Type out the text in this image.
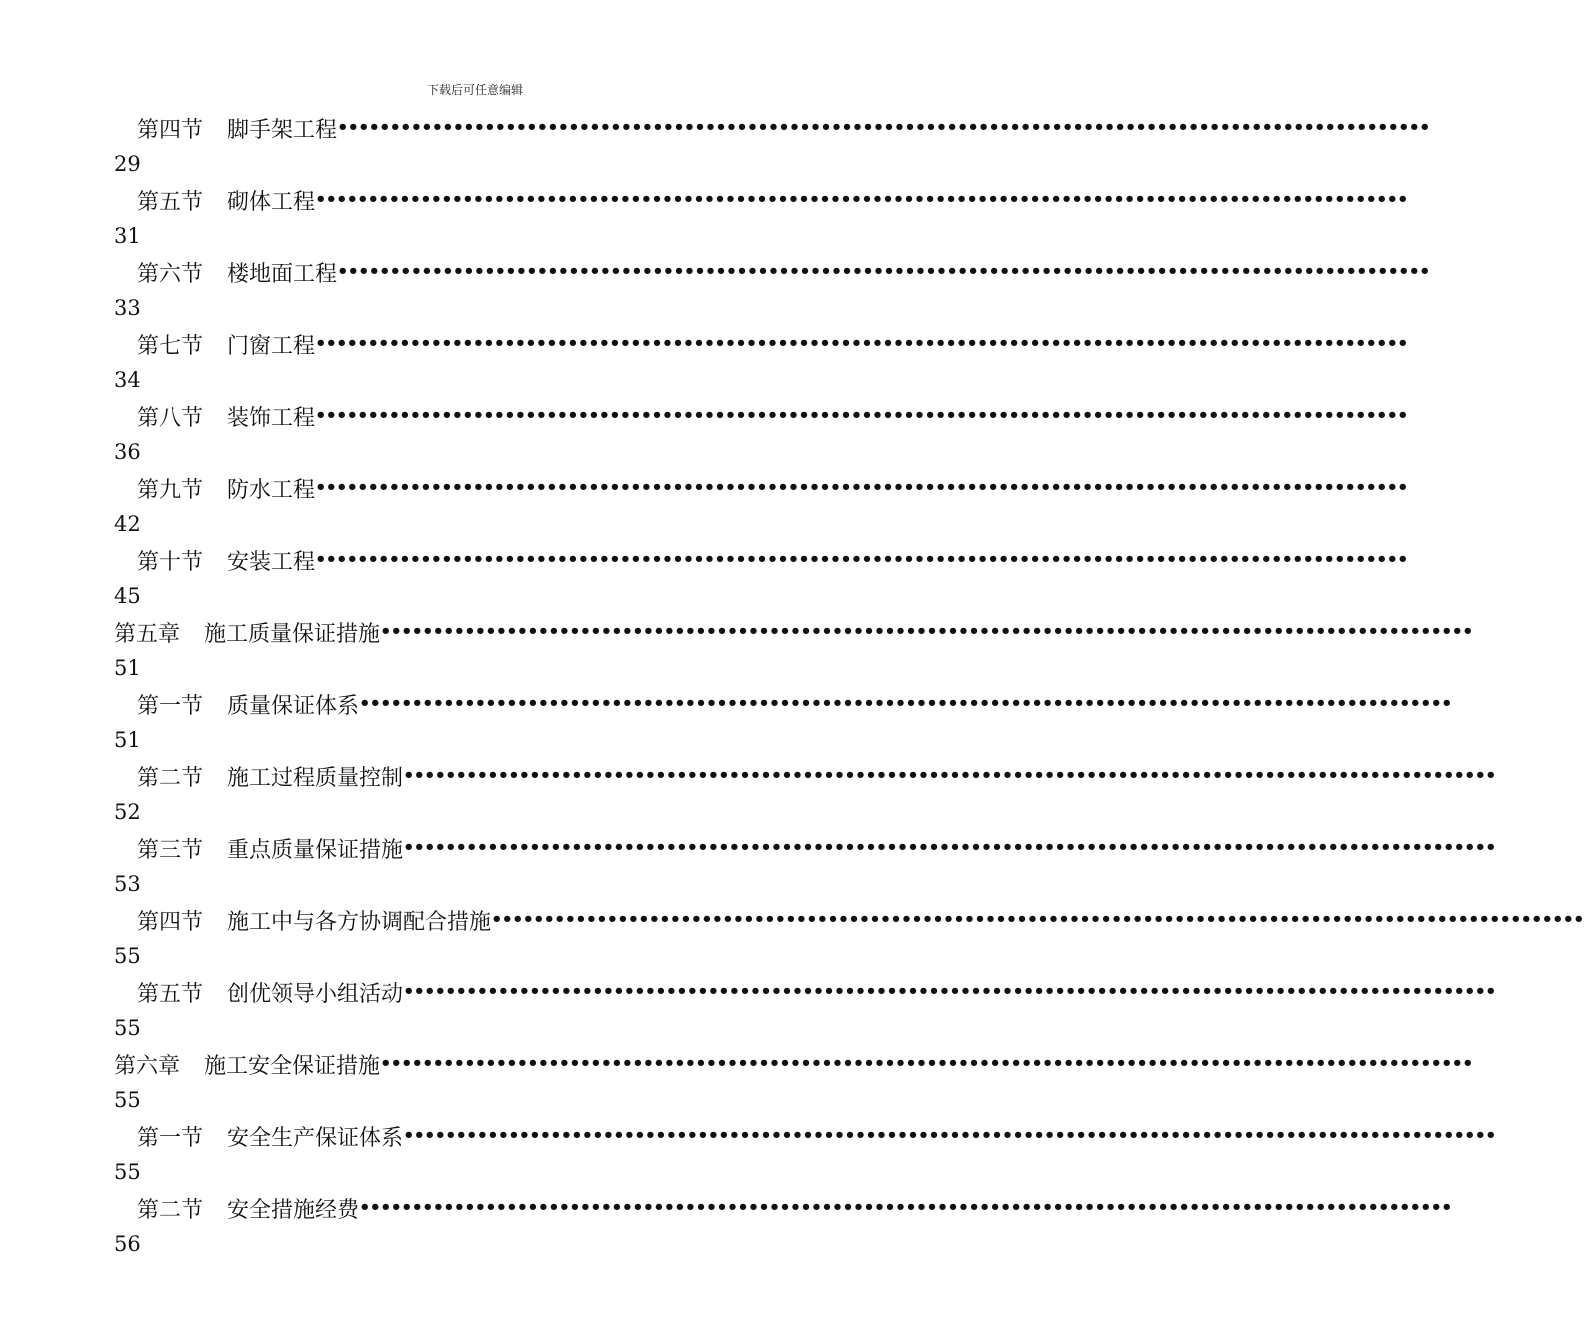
下载后可任意编辑
第四节 脚手架工程 ••••••••••••••••••••••••••••••••••••••••••••••••••••••••••••••••••••••••••••••••••••••••••••••••••••••••
29
第五节 砌体工程 ••••••••••••••••••••••••••••••••••••••••••••••••••••••••••••••••••••••••••••••••••••••••••••••••••••••••
31
第六节 楼地面工程 ••••••••••••••••••••••••••••••••••••••••••••••••••••••••••••••••••••••••••••••••••••••••••••••••••••••••
33
第七节 门窗工程 ••••••••••••••••••••••••••••••••••••••••••••••••••••••••••••••••••••••••••••••••••••••••••••••••••••••••
34
第八节 装饰工程 ••••••••••••••••••••••••••••••••••••••••••••••••••••••••••••••••••••••••••••••••••••••••••••••••••••••••
36
第九节 防水工程 ••••••••••••••••••••••••••••••••••••••••••••••••••••••••••••••••••••••••••••••••••••••••••••••••••••••••
42
第十节 安装工程 ••••••••••••••••••••••••••••••••••••••••••••••••••••••••••••••••••••••••••••••••••••••••••••••••••••••••
45
第五章 施工质量保证措施 ••••••••••••••••••••••••••••••••••••••••••••••••••••••••••••••••••••••••••••••••••••••••••••••••••••••••
51
第一节 质量保证体系 ••••••••••••••••••••••••••••••••••••••••••••••••••••••••••••••••••••••••••••••••••••••••••••••••••••••••
51
第二节 施工过程质量控制 ••••••••••••••••••••••••••••••••••••••••••••••••••••••••••••••••••••••••••••••••••••••••••••••••••••••••
52
第三节 重点质量保证措施 ••••••••••••••••••••••••••••••••••••••••••••••••••••••••••••••••••••••••••••••••••••••••••••••••••••••••
53
第四节 施工中与各方协调配合措施 ••••••••••••••••••••••••••••••••••••••••••••••••••••••••••••••••••••••••••••••••••••••••••••••••••••••••
55
第五节 创优领导小组活动 ••••••••••••••••••••••••••••••••••••••••••••••••••••••••••••••••••••••••••••••••••••••••••••••••••••••••
55
第六章 施工安全保证措施 ••••••••••••••••••••••••••••••••••••••••••••••••••••••••••••••••••••••••••••••••••••••••••••••••••••••••
55
第一节 安全生产保证体系 ••••••••••••••••••••••••••••••••••••••••••••••••••••••••••••••••••••••••••••••••••••••••••••••••••••••••
55
第二节 安全措施经费 ••••••••••••••••••••••••••••••••••••••••••••••••••••••••••••••••••••••••••••••••••••••••••••••••••••••••
56
